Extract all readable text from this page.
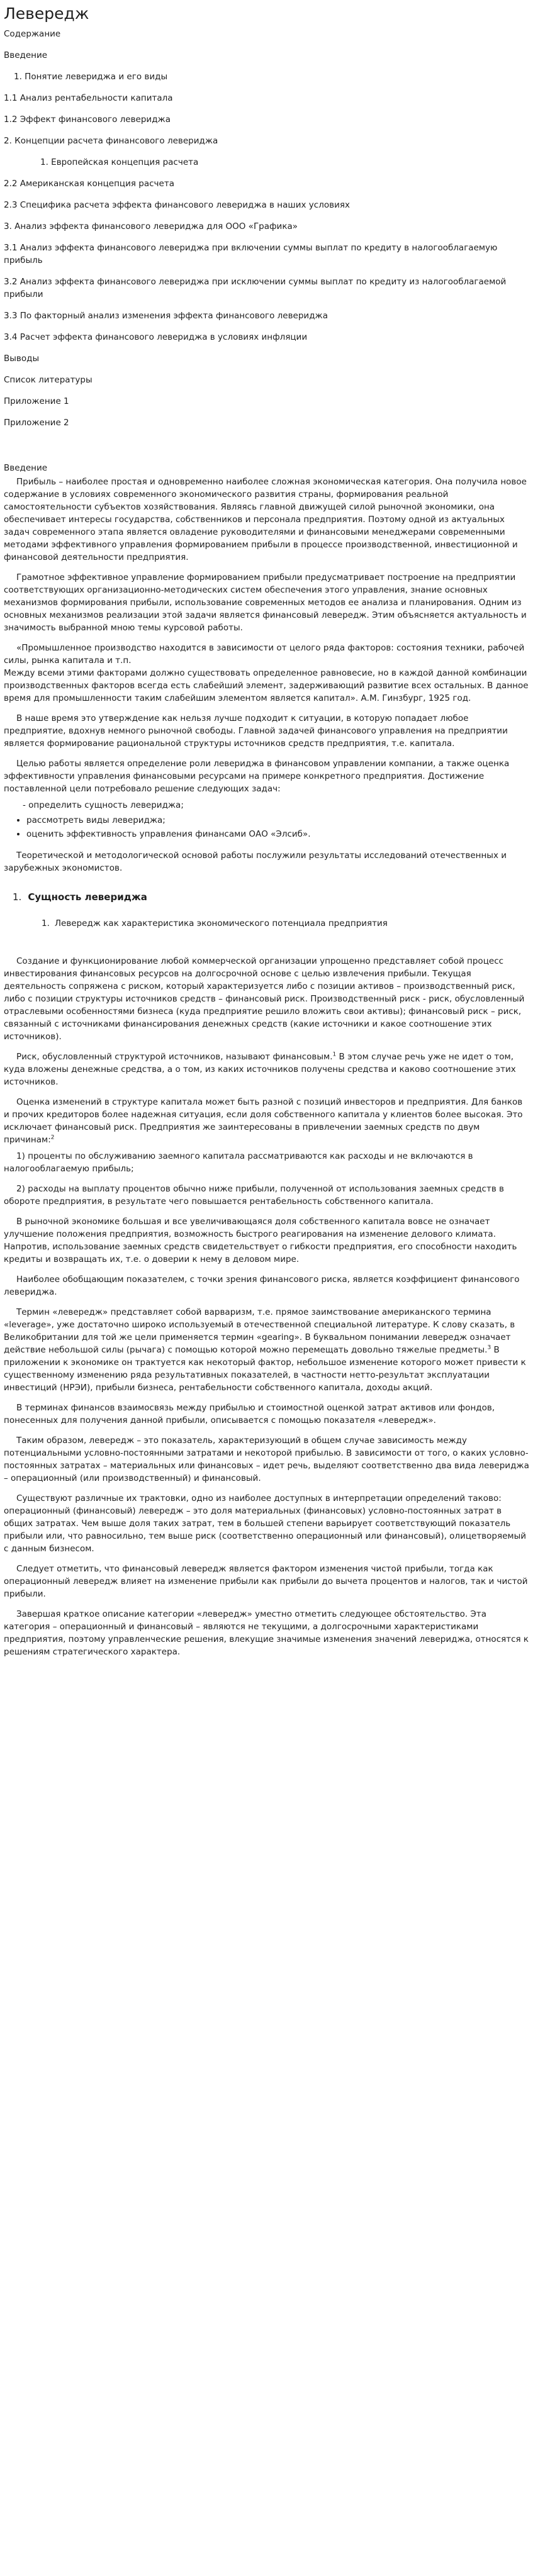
Левередж
Содержание
Введение
1. Понятие левериджа и его виды
1.1 Анализ рентабельности капитала
1.2 Эффект финансового левериджа
2. Концепции расчета финансового левериджа
1. Европейская концепция расчета
2.2 Американская концепция расчета
2.3 Специфика расчета эффекта финансового левериджа в наших условиях
3. Анализ эффекта финансового левериджа для ООО «Графика»
3.1 Анализ эффекта финансового левериджа при включении суммы выплат по кредиту в налогооблагаемую прибыль
3.2 Анализ эффекта финансового левериджа при исключении суммы выплат по кредиту из налогооблагаемой прибыли
3.3 По факторный анализ изменения эффекта финансового левериджа
3.4 Расчет эффекта финансового левериджа в условиях инфляции
Выводы
Список литературы
Приложение 1
Приложение 2
Введение

Прибыль – наиболее простая и одновременно наиболее сложная экономическая категория. Она получила новое содержание в условиях современного экономического развития страны, формирования реальной самостоятельности субъектов хозяйствования. Являясь главной движущей силой рыночной экономики, она обеспечивает интересы государства, собственников и персонала предприятия. Поэтому одной из актуальных задач современного этапа является овладение руководителями и финансовыми менеджерами современными методами эффективного управления формированием прибыли в процессе производственной, инвестиционной и финансовой деятельности предприятия.

Грамотное эффективное управление формированием прибыли предусматривает построение на предприятии соответствующих организационно-методических систем обеспечения этого управления, знание основных механизмов формирования прибыли, использование современных методов ее анализа и планирования. Одним из основных механизмов реализации этой задачи является финансовый левередж. Этим объясняется актуальность и значимость выбранной мною темы курсовой работы.

«Промышленное производство находится в зависимости от целого ряда факторов: состояния техники, рабочей силы, рынка капитала и т.п.
Между всеми этими факторами должно существовать определенное равновесие, но в каждой данной комбинации производственных факторов всегда есть слабейший элемент, задерживающий развитие всех остальных. В данное время для промышленности таким слабейшим элементом является капитал». А.М. Гинзбург, 1925 год.

В наше время это утверждение как нельзя лучше подходит к ситуации, в которую попадает любое предприятие, вдохнув немного рыночной свободы. Главной задачей финансового управления на предприятии является формирование рациональной структуры источников средств предприятия, т.е. капитала.

Целью работы является определение роли левериджа в финансовом управлении компании, а также оценка эффективности управления финансовыми ресурсами на примере конкретного предприятия. Достижение поставленной цели потребовало решение следующих задач:

- определить сущность левериджа;
• рассмотреть виды левериджа;
• оценить эффективность управления финансами ОАО «Элсиб».

Теоретической и методологической основой работы послужили результаты исследований отечественных и зарубежных экономистов.

1. Сущность левериджа
1. Левередж как характеристика экономического потенциала предприятия

Создание и функционирование любой коммерческой организации упрощенно представляет собой процесс инвестирования финансовых ресурсов на долгосрочной основе с целью извлечения прибыли. Текущая деятельность сопряжена с риском, который характеризуется либо с позиции активов – производственный риск, либо с позиции структуры источников средств – финансовый риск. Производственный риск - риск, обусловленный отраслевыми особенностями бизнеса (куда предприятие решило вложить свои активы); финансовый риск – риск, связанный с источниками финансирования денежных средств (какие источники и какое соотношение этих источников).

Риск, обусловленный структурой источников, называют финансовым.$^1$ В этом случае речь уже не идет о том, куда вложены денежные средства, а о том, из каких источников получены средства и каково соотношение этих источников.

Оценка изменений в структуре капитала может быть разной с позиций инвесторов и предприятия. Для банков и прочих кредиторов более надежная ситуация, если доля собственного капитала у клиентов более высокая. Это исключает финансовый риск. Предприятия же заинтересованы в привлечении заемных средств по двум причинам:$^2$

1) проценты по обслуживанию заемного капитала рассматриваются как расходы и не включаются в налогооблагаемую прибыль;

2) расходы на выплату процентов обычно ниже прибыли, полученной от использования заемных средств в обороте предприятия, в результате чего повышается рентабельность собственного капитала.

В рыночной экономике большая и все увеличивающаяся доля собственного капитала вовсе не означает улучшение положения предприятия, возможность быстрого реагирования на изменение делового климата. Напротив, использование заемных средств свидетельствует о гибкости предприятия, его способности находить кредиты и возвращать их, т.е. о доверии к нему в деловом мире.

Наиболее обобщающим показателем, с точки зрения финансового риска, является коэффициент финансового левериджа.

Термин «левередж» представляет собой варваризм, т.е. прямое заимствование американского термина «leverage», уже достаточно широко используемый в отечественной специальной литературе. К слову сказать, в Великобритании для той же цели применяется термин «gearing». В буквальном понимании левередж означает действие небольшой силы (рычага) с помощью которой можно перемещать довольно тяжелые предметы.$^3$ В приложении к экономике он трактуется как некоторый фактор, небольшое изменение которого может привести к существенному изменению ряда результативных показателей, в частности нетто-результат эксплуатации инвестиций (НРЭИ), прибыли бизнеса, рентабельности собственного капитала, доходы акций.

В терминах финансов взаимосвязь между прибылью и стоимостной оценкой затрат активов или фондов, понесенных для получения данной прибыли, описывается с помощью показателя «левередж».

Таким образом, левередж – это показатель, характеризующий в общем случае зависимость между потенциальными условно-постоянными затратами и некоторой прибылью. В зависимости от того, о каких условно-постоянных затратах – материальных или финансовых – идет речь, выделяют соответственно два вида левериджа – операционный (или производственный) и финансовый.

Существуют различные их трактовки, одно из наиболее доступных в интерпретации определений таково: операционный (финансовый) левередж – это доля материальных (финансовых) условно-постоянных затрат в общих затратах. Чем выше доля таких затрат, тем в большей степени варьирует соответствующий показатель прибыли или, что равносильно, тем выше риск (соответственно операционный или финансовый), олицетворяемый с данным бизнесом.

Следует отметить, что финансовый левередж является фактором изменения чистой прибыли, тогда как операционный левередж влияет на изменение прибыли как прибыли до вычета процентов и налогов, так и чистой прибыли.

Завершая краткое описание категории «левередж» уместно отметить следующее обстоятельство. Эта категория – операционный и финансовый – являются не текущими, а долгосрочными характеристиками предприятия, поэтому управленческие решения, влекущие значимые изменения значений левериджа, относятся к решениям стратегического характера.
